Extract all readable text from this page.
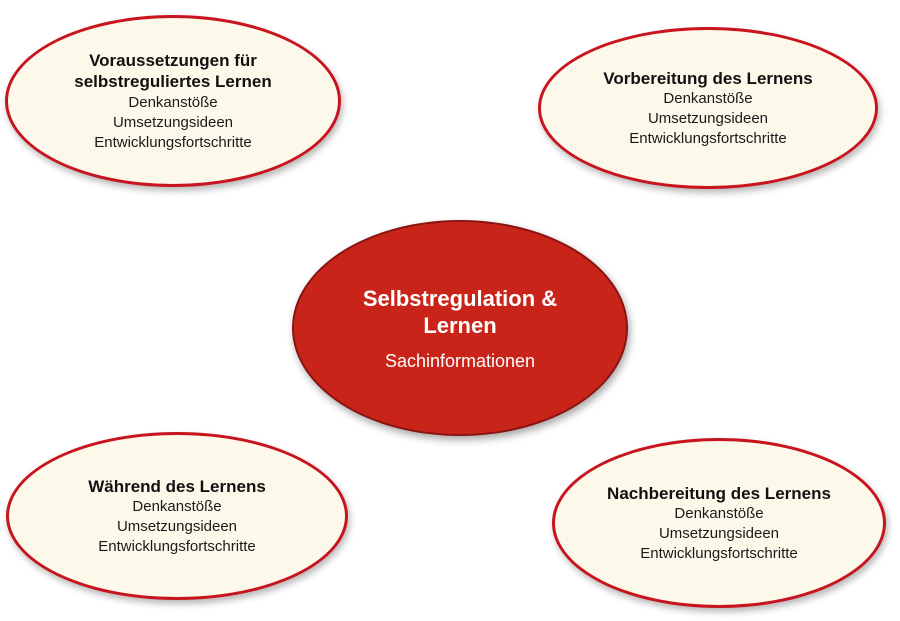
Voraussetzungen für
selbstreguliertes Lernen
Denkanstöße
Umsetzungsideen
Entwicklungsfortschritte
Vorbereitung des Lernens
Denkanstöße
Umsetzungsideen
Entwicklungsfortschritte
Selbstregulation &
Lernen
Sachinformationen
Während des Lernens
Denkanstöße
Umsetzungsideen
Entwicklungsfortschritte
Nachbereitung des Lernens
Denkanstöße
Umsetzungsideen
Entwicklungsfortschritte
